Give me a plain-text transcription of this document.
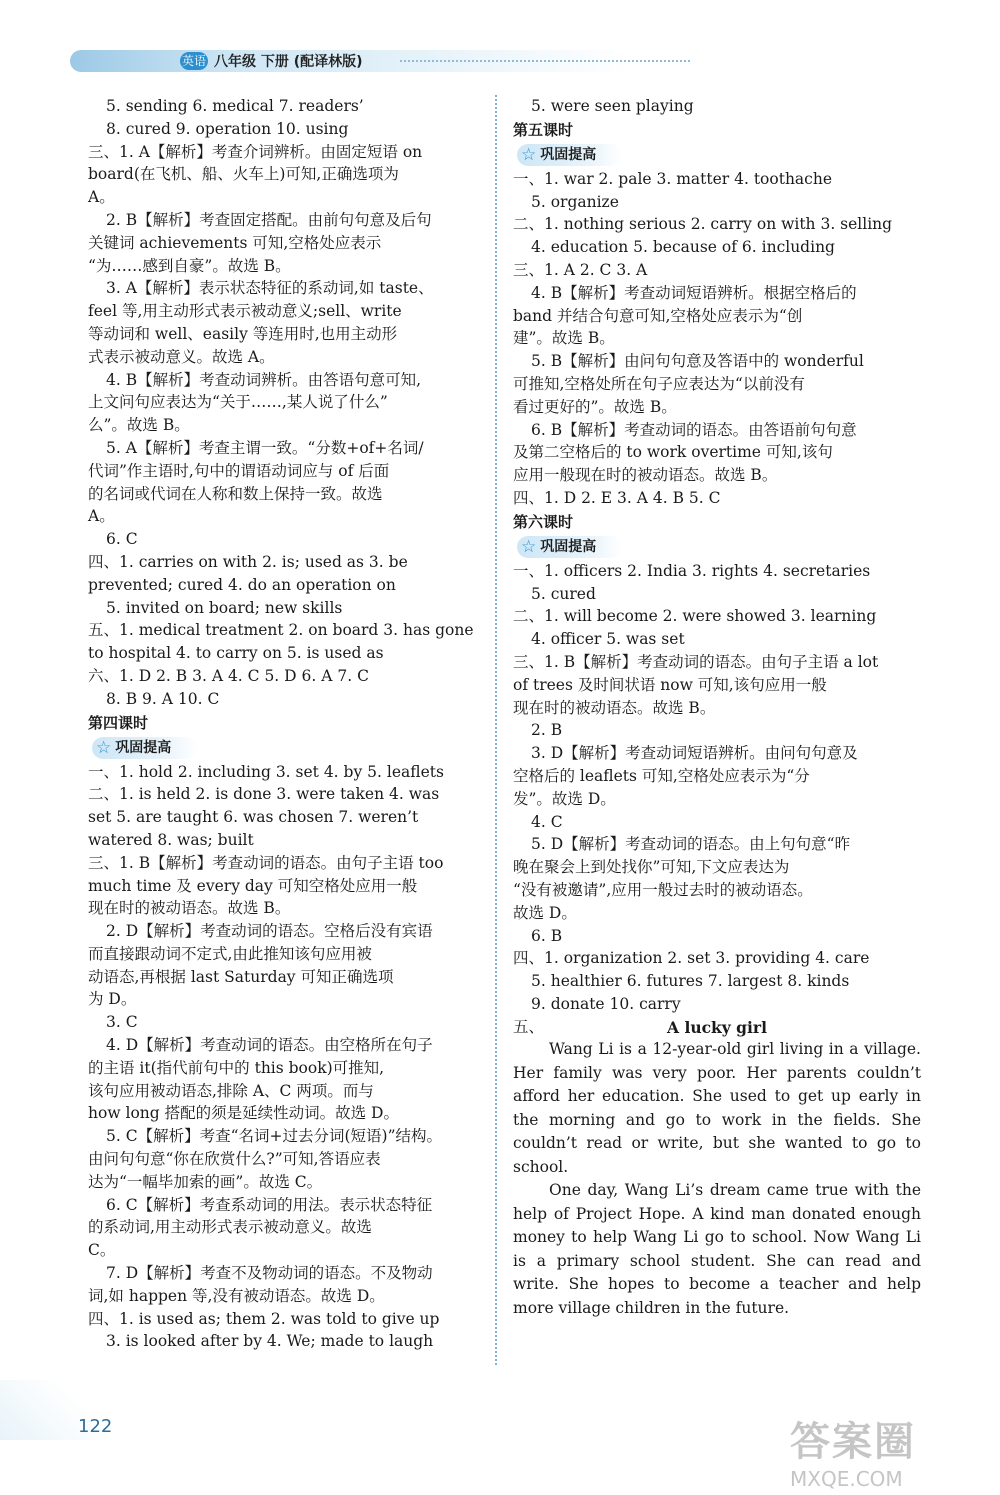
英语 八年级 下册 (配译林版)
5. sending 6. medical 7. readers’
8. cured 9. operation 10. using
三、1. A【解析】考查介词辨析。由固定短语 on
board(在飞机、船、火车上)可知,正确选项为
A。
2. B【解析】考查固定搭配。由前句句意及后句
关键词 achievements 可知,空格处应表示
“为……感到自豪”。故选 B。
3. A【解析】表示状态特征的系动词,如 taste、
feel 等,用主动形式表示被动意义;sell、write
等动词和 well、easily 等连用时,也用主动形
式表示被动意义。故选 A。
4. B【解析】考查动词辨析。由答语句意可知,
上文问句应表达为“关于……,某人说了什么”
么”。故选 B。
5. A【解析】考查主谓一致。“分数+of+名词/
代词”作主语时,句中的谓语动词应与 of 后面
的名词或代词在人称和数上保持一致。故选
A。
6. C
四、1. carries on with 2. is; used as 3. be
prevented; cured 4. do an operation on
5. invited on board; new skills
五、1. medical treatment 2. on board 3. has gone
to hospital 4. to carry on 5. is used as
六、1. D 2. B 3. A 4. C 5. D 6. A 7. C
8. B 9. A 10. C
第四课时
☆ 巩固提高
一、1. hold 2. including 3. set 4. by 5. leaflets
二、1. is held 2. is done 3. were taken 4. was
set 5. are taught 6. was chosen 7. weren’t
watered 8. was; built
三、1. B【解析】考查动词的语态。由句子主语 too
much time 及 every day 可知空格处应用一般
现在时的被动语态。故选 B。
2. D【解析】考查动词的语态。空格后没有宾语
而直接跟动词不定式,由此推知该句应用被
动语态,再根据 last Saturday 可知正确选项
为 D。
3. C
4. D【解析】考查动词的语态。由空格所在句子
的主语 it(指代前句中的 this book)可推知,
该句应用被动语态,排除 A、C 两项。而与
how long 搭配的须是延续性动词。故选 D。
5. C【解析】考查“名词+过去分词(短语)”结构。
由问句句意“你在欣赏什么?”可知,答语应表
达为“一幅毕加索的画”。故选 C。
6. C【解析】考查系动词的用法。表示状态特征
的系动词,用主动形式表示被动意义。故选
C。
7. D【解析】考查不及物动词的语态。不及物动
词,如 happen 等,没有被动语态。故选 D。
四、1. is used as; them 2. was told to give up
3. is looked after by 4. We; made to laugh
5. were seen playing
第五课时
☆ 巩固提高
一、1. war 2. pale 3. matter 4. toothache
5. organize
二、1. nothing serious 2. carry on with 3. selling
4. education 5. because of 6. including
三、1. A 2. C 3. A
4. B【解析】考查动词短语辨析。根据空格后的
band 并结合句意可知,空格处应表示为“创
建”。故选 B。
5. B【解析】由问句句意及答语中的 wonderful
可推知,空格处所在句子应表达为“以前没有
看过更好的”。故选 B。
6. B【解析】考查动词的语态。由答语前句句意
及第二空格后的 to work overtime 可知,该句
应用一般现在时的被动语态。故选 B。
四、1. D 2. E 3. A 4. B 5. C
第六课时
☆ 巩固提高
一、1. officers 2. India 3. rights 4. secretaries
5. cured
二、1. will become 2. were showed 3. learning
4. officer 5. was set
三、1. B【解析】考查动词的语态。由句子主语 a lot
of trees 及时间状语 now 可知,该句应用一般
现在时的被动语态。故选 B。
2. B
3. D【解析】考查动词短语辨析。由问句句意及
空格后的 leaflets 可知,空格处应表示为“分
发”。故选 D。
4. C
5. D【解析】考查动词的语态。由上句句意“昨
晚在聚会上到处找你”可知,下文应表达为
“没有被邀请”,应用一般过去时的被动语态。
故选 D。
6. B
四、1. organization 2. set 3. providing 4. care
5. healthier 6. futures 7. largest 8. kinds
9. donate 10. carry
五、	A lucky girl
Wang Li is a 12-year-old girl living in a village. Her family was very poor. Her parents couldn’t afford her education. She used to get up early in the morning and go to work in the fields. She couldn’t read or write, but she wanted to go to school.
One day, Wang Li’s dream came true with the help of Project Hope. A kind man donated enough money to help Wang Li go to school. Now Wang Li is a primary school student. She can read and write. She hopes to become a teacher and help more village children in the future.
122	答案圈
MXQE.COM
